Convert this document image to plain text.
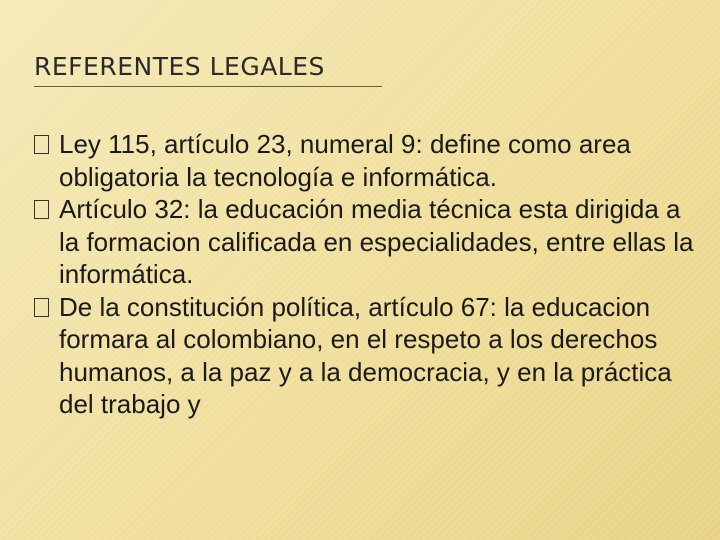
REFERENTES LEGALES

Ley 115, artículo 23, numeral 9: define como area obligatoria la tecnología e informática.

Artículo 32: la educación media técnica esta dirigida a la formacion calificada en especialidades, entre ellas la informática.

De la constitución política, artículo 67: la educacion formara al colombiano, en el respeto a los derechos humanos, a la paz y a la democracia, y en la práctica del trabajo y
